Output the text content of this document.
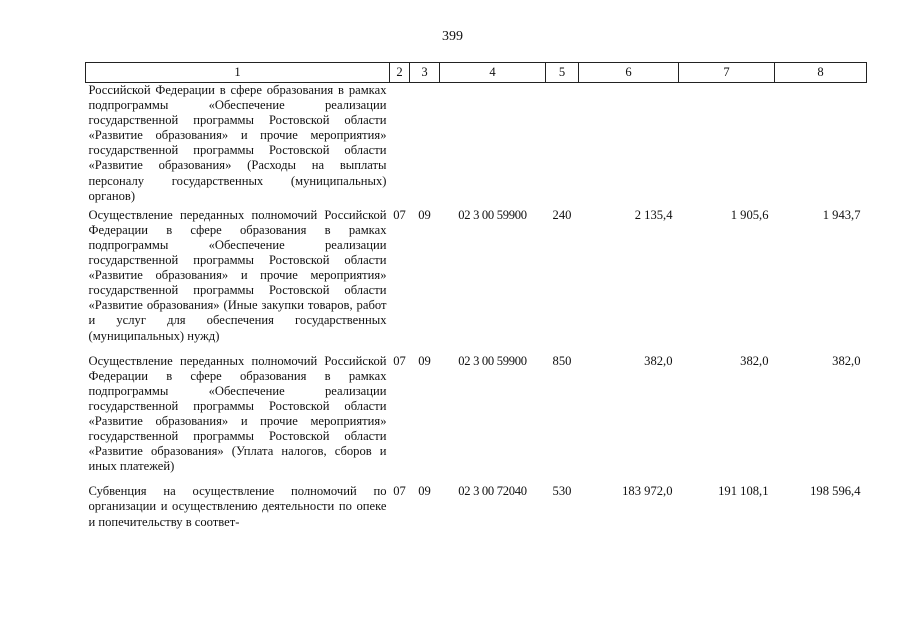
399
1	2	3	4	5	6	7	8
Российской Федерации в сфере образования в рамках подпрограммы «Обеспечение реализации государственной программы Ростовской области «Развитие образования» и прочие мероприятия» государственной программы Ростовской области «Развитие образования» (Расходы на выплаты персоналу государственных (муниципальных) органов)							
Осуществление переданных полномочий Российской Федерации в сфере образования в рамках подпрограммы «Обеспечение реализации государственной программы Ростовской области «Развитие образования» и прочие мероприятия» государственной программы Ростовской области «Развитие образования» (Иные закупки товаров, работ и услуг для обеспечения государственных (муниципальных) нужд)	07	09	02 3 00 59900	240	2 135,4	1 905,6	1 943,7
Осуществление переданных полномочий Российской Федерации в сфере образования в рамках подпрограммы «Обеспечение реализации государственной программы Ростовской области «Развитие образования» и прочие мероприятия» государственной программы Ростовской области «Развитие образования» (Уплата налогов, сборов и иных платежей)	07	09	02 3 00 59900	850	382,0	382,0	382,0
Субвенция на осуществление полномочий по организации и осуществлению деятельности по опеке и попечительству в соответ-	07	09	02 3 00 72040	530	183 972,0	191 108,1	198 596,4
